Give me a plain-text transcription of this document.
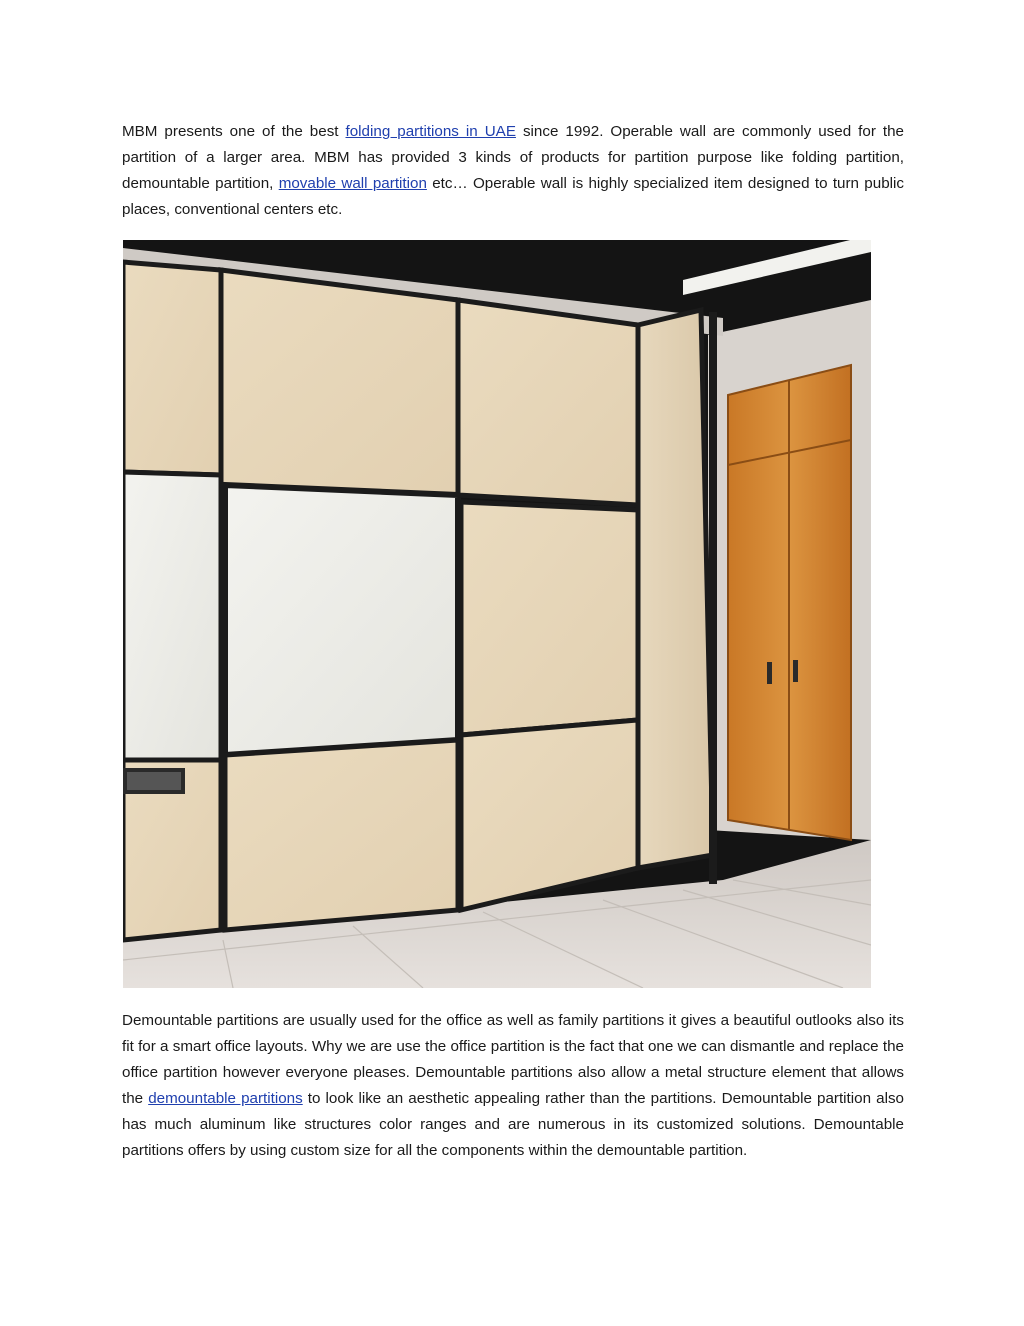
MBM presents one of the best folding partitions in UAE since 1992. Operable wall are commonly used for the partition of a larger area. MBM has provided 3 kinds of products for partition purpose like folding partition, demountable partition, movable wall partition etc… Operable wall is highly specialized item designed to turn public places, conventional centers etc.

Demountable partitions are usually used for the office as well as family partitions it gives a beautiful outlooks also its fit for a smart office layouts. Why we are use the office partition is the fact that one we can dismantle and replace the office partition however everyone pleases. Demountable partitions also allow a metal structure element that allows the demountable partitions to look like an aesthetic appealing rather than the partitions. Demountable partition also has much aluminum like structures color ranges and are numerous in its customized solutions. Demountable partitions offers by using custom size for all the components within the demountable partition.
